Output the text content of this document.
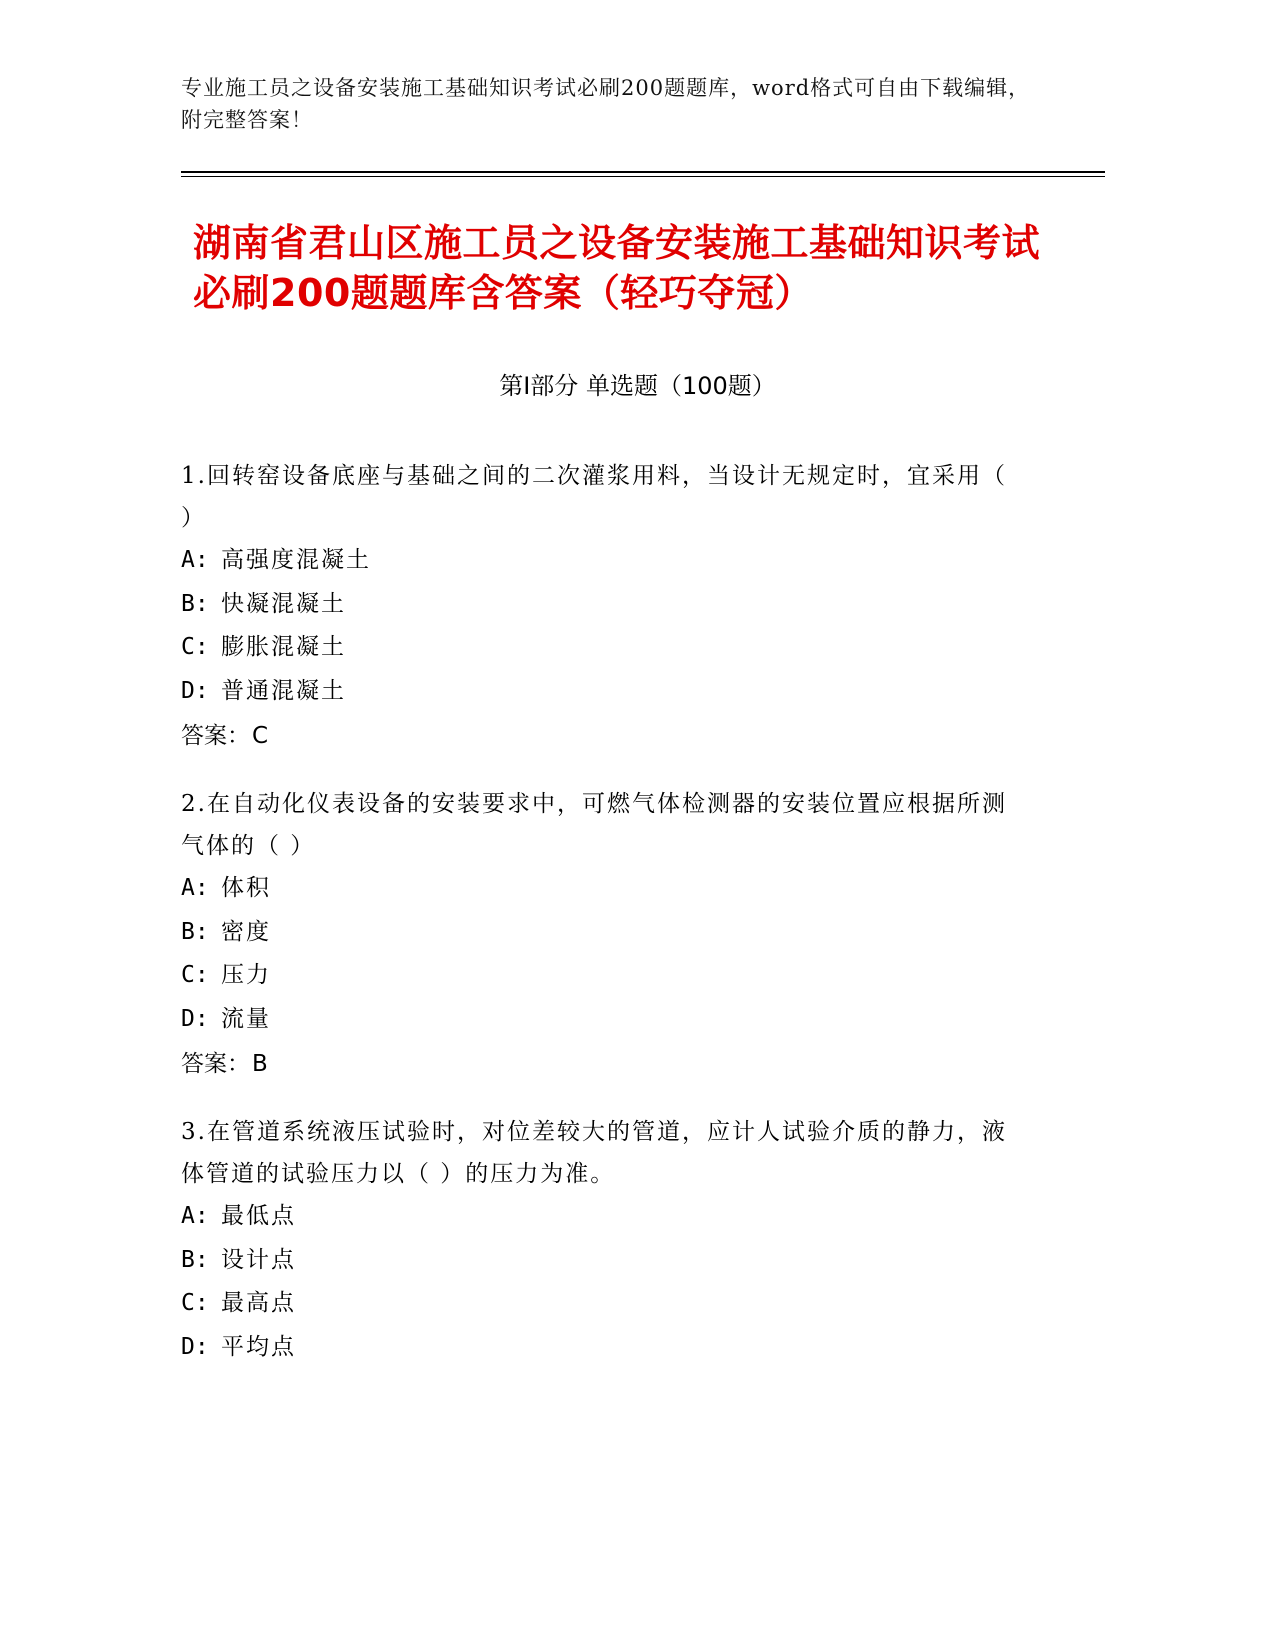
专业施工员之设备安装施工基础知识考试必刷200题题库，word格式可自由下载编辑，附完整答案！
湖南省君山区施工员之设备安装施工基础知识考试必刷200题题库含答案（轻巧夺冠）
第Ⅰ部分 单选题（100题）

1.回转窑设备底座与基础之间的二次灌浆用料，当设计无规定时，宜采用（ ）

A: 高强度混凝土

B: 快凝混凝土

C: 膨胀混凝土

D: 普通混凝土

答案：C

2.在自动化仪表设备的安装要求中，可燃气体检测器的安装位置应根据所测气体的（ ）

A: 体积

B: 密度

C: 压力

D: 流量

答案：B

3.在管道系统液压试验时，对位差较大的管道，应计人试验介质的静力，液体管道的试验压力以（ ）的压力为准。

A: 最低点

B: 设计点

C: 最高点

D: 平均点
